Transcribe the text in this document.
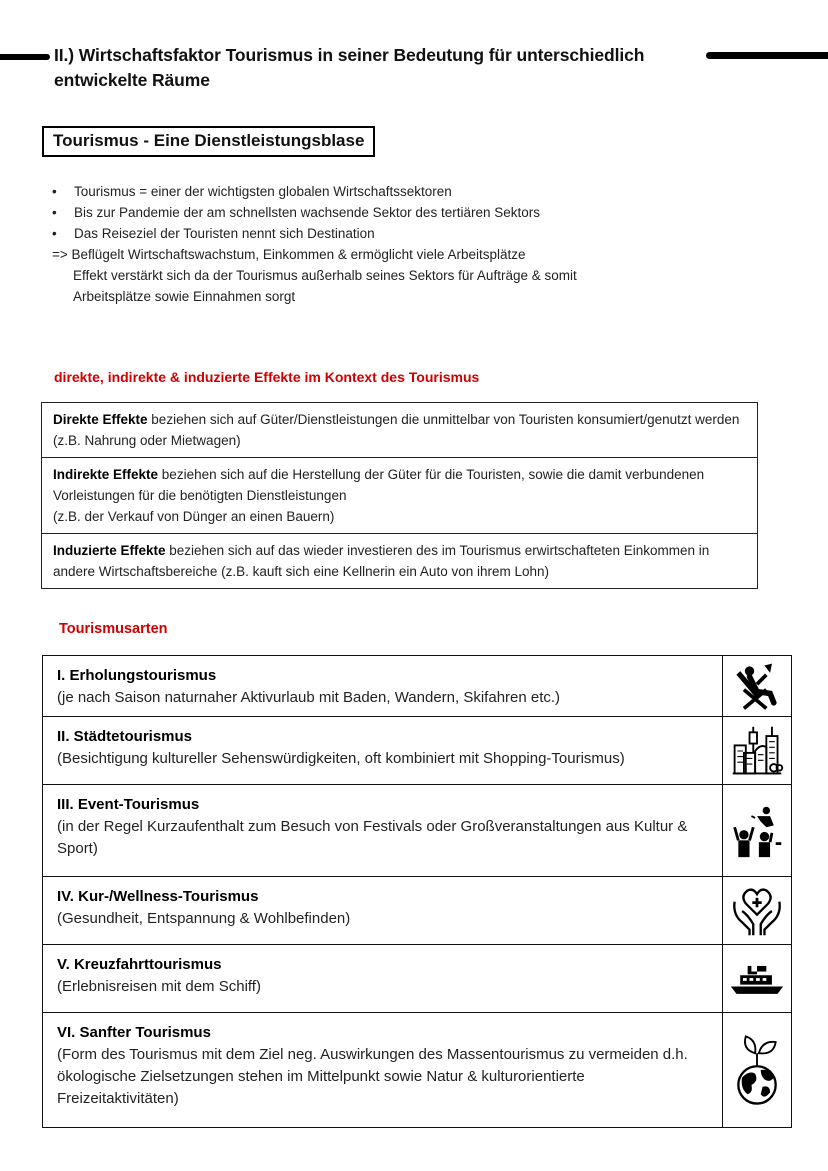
II.) Wirtschaftsfaktor Tourismus in seiner Bedeutung für unterschiedlich entwickelte Räume
Tourismus - Eine Dienstleistungsblase
• Tourismus = einer der wichtigsten globalen Wirtschaftssektoren
• Bis zur Pandemie der am schnellsten wachsende Sektor des tertiären Sektors
• Das Reiseziel der Touristen nennt sich Destination
=> Beflügelt Wirtschaftswachstum, Einkommen & ermöglicht viele Arbeitsplätze
Effekt verstärkt sich da der Tourismus außerhalb seines Sektors für Aufträge & somit
Arbeitsplätze sowie Einnahmen sorgt
direkte, indirekte & induzierte Effekte im Kontext des Tourismus
Direkte Effekte beziehen sich auf Güter/Dienstleistungen die unmittelbar von Touristen konsumiert/genutzt werden (z.B. Nahrung oder Mietwagen)
Indirekte Effekte beziehen sich auf die Herstellung der Güter für die Touristen, sowie die damit verbundenen Vorleistungen für die benötigten Dienstleistungen
(z.B. der Verkauf von Dünger an einen Bauern)
Induzierte Effekte beziehen sich auf das wieder investieren des im Tourismus erwirtschafteten Einkommen in andere Wirtschaftsbereiche (z.B. kauft sich eine Kellnerin ein Auto von ihrem Lohn)
Tourismusarten
I. Erholungstourismus
(je nach Saison naturnaher Aktivurlaub mit Baden, Wandern, Skifahren etc.)
II. Städtetourismus
(Besichtigung kultureller Sehenswürdigkeiten, oft kombiniert mit Shopping-Tourismus)
III. Event-Tourismus
(in der Regel Kurzaufenthalt zum Besuch von Festivals oder Großveranstaltungen aus Kultur & Sport)
IV. Kur-/Wellness-Tourismus
(Gesundheit, Entspannung & Wohlbefinden)
V. Kreuzfahrttourismus
(Erlebnisreisen mit dem Schiff)
VI. Sanfter Tourismus
(Form des Tourismus mit dem Ziel neg. Auswirkungen des Massentourismus zu vermeiden d.h. ökologische Zielsetzungen stehen im Mittelpunkt sowie Natur & kulturorientierte Freizeitaktivitäten)
